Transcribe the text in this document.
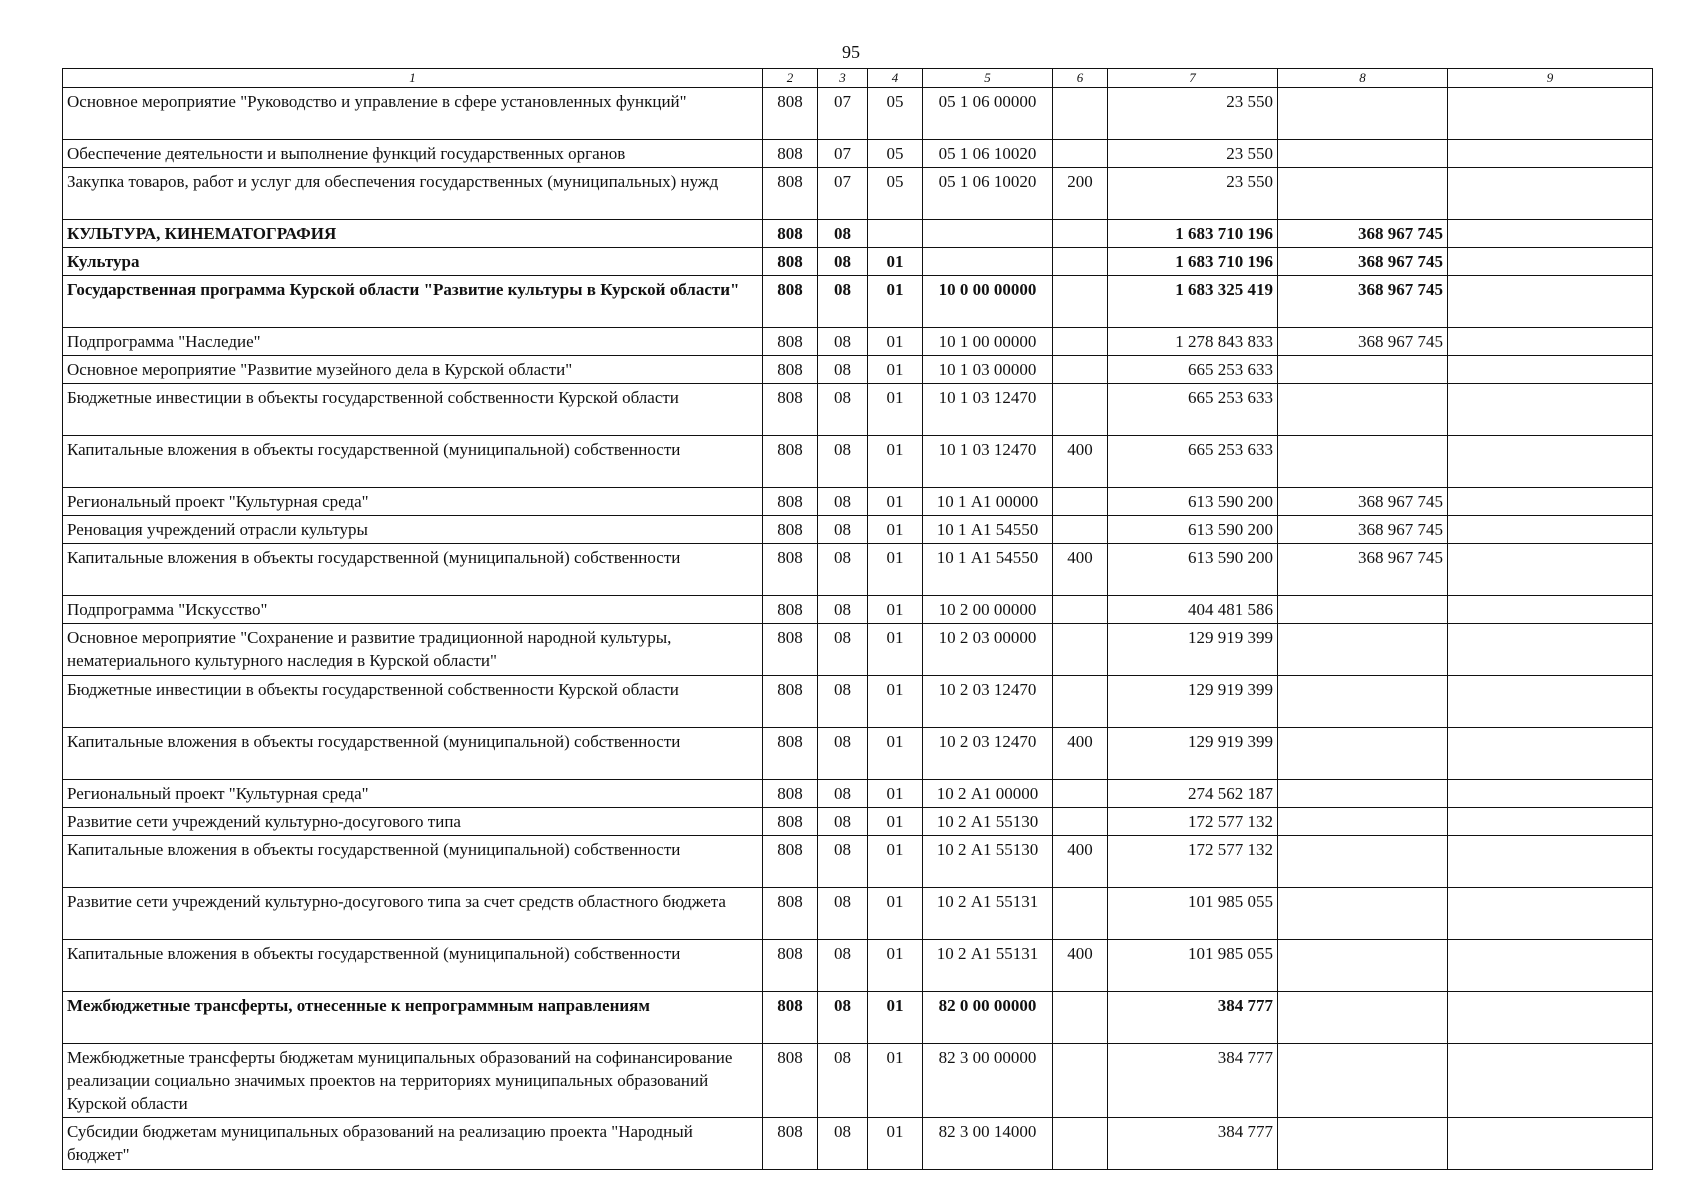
95
1	2	3	4	5	6	7	8	9
Основное мероприятие "Руководство и управление в сфере установленных функций"	808	07	05	05 1 06 00000		23 550		
Обеспечение деятельности и выполнение функций государственных органов	808	07	05	05 1 06 10020		23 550		
Закупка товаров, работ и услуг для обеспечения государственных (муниципальных) нужд	808	07	05	05 1 06 10020	200	23 550		
КУЛЬТУРА, КИНЕМАТОГРАФИЯ	808	08				1 683 710 196	368 967 745	
Культура	808	08	01			1 683 710 196	368 967 745	
Государственная программа Курской области "Развитие культуры в Курской области"	808	08	01	10 0 00 00000		1 683 325 419	368 967 745	
Подпрограмма "Наследие"	808	08	01	10 1 00 00000		1 278 843 833	368 967 745	
Основное мероприятие "Развитие музейного дела в Курской области"	808	08	01	10 1 03 00000		665 253 633		
Бюджетные инвестиции в объекты государственной собственности Курской области	808	08	01	10 1 03 12470		665 253 633		
Капитальные вложения в объекты государственной (муниципальной) собственности	808	08	01	10 1 03 12470	400	665 253 633		
Региональный проект "Культурная среда"	808	08	01	10 1 А1 00000		613 590 200	368 967 745	
Реновация учреждений отрасли культуры	808	08	01	10 1 А1 54550		613 590 200	368 967 745	
Капитальные вложения в объекты государственной (муниципальной) собственности	808	08	01	10 1 А1 54550	400	613 590 200	368 967 745	
Подпрограмма "Искусство"	808	08	01	10 2 00 00000		404 481 586		
Основное мероприятие "Сохранение и развитие традиционной народной культуры, нематериального культурного наследия в Курской области"	808	08	01	10 2 03 00000		129 919 399		
Бюджетные инвестиции в объекты государственной собственности Курской области	808	08	01	10 2 03 12470		129 919 399		
Капитальные вложения в объекты государственной (муниципальной) собственности	808	08	01	10 2 03 12470	400	129 919 399		
Региональный проект "Культурная среда"	808	08	01	10 2 А1 00000		274 562 187		
Развитие сети учреждений культурно-досугового типа	808	08	01	10 2 А1 55130		172 577 132		
Капитальные вложения в объекты государственной (муниципальной) собственности	808	08	01	10 2 А1 55130	400	172 577 132		
Развитие сети учреждений культурно-досугового типа за счет средств областного бюджета	808	08	01	10 2 А1 55131		101 985 055		
Капитальные вложения в объекты государственной (муниципальной) собственности	808	08	01	10 2 А1 55131	400	101 985 055		
Межбюджетные трансферты, отнесенные к непрограммным направлениям	808	08	01	82 0 00 00000		384 777		
Межбюджетные трансферты бюджетам муниципальных образований на софинансирование реализации социально значимых проектов на территориях муниципальных образований Курской области	808	08	01	82 3 00 00000		384 777		
Субсидии бюджетам муниципальных образований на реализацию проекта "Народный бюджет"	808	08	01	82 3 00 14000		384 777		
